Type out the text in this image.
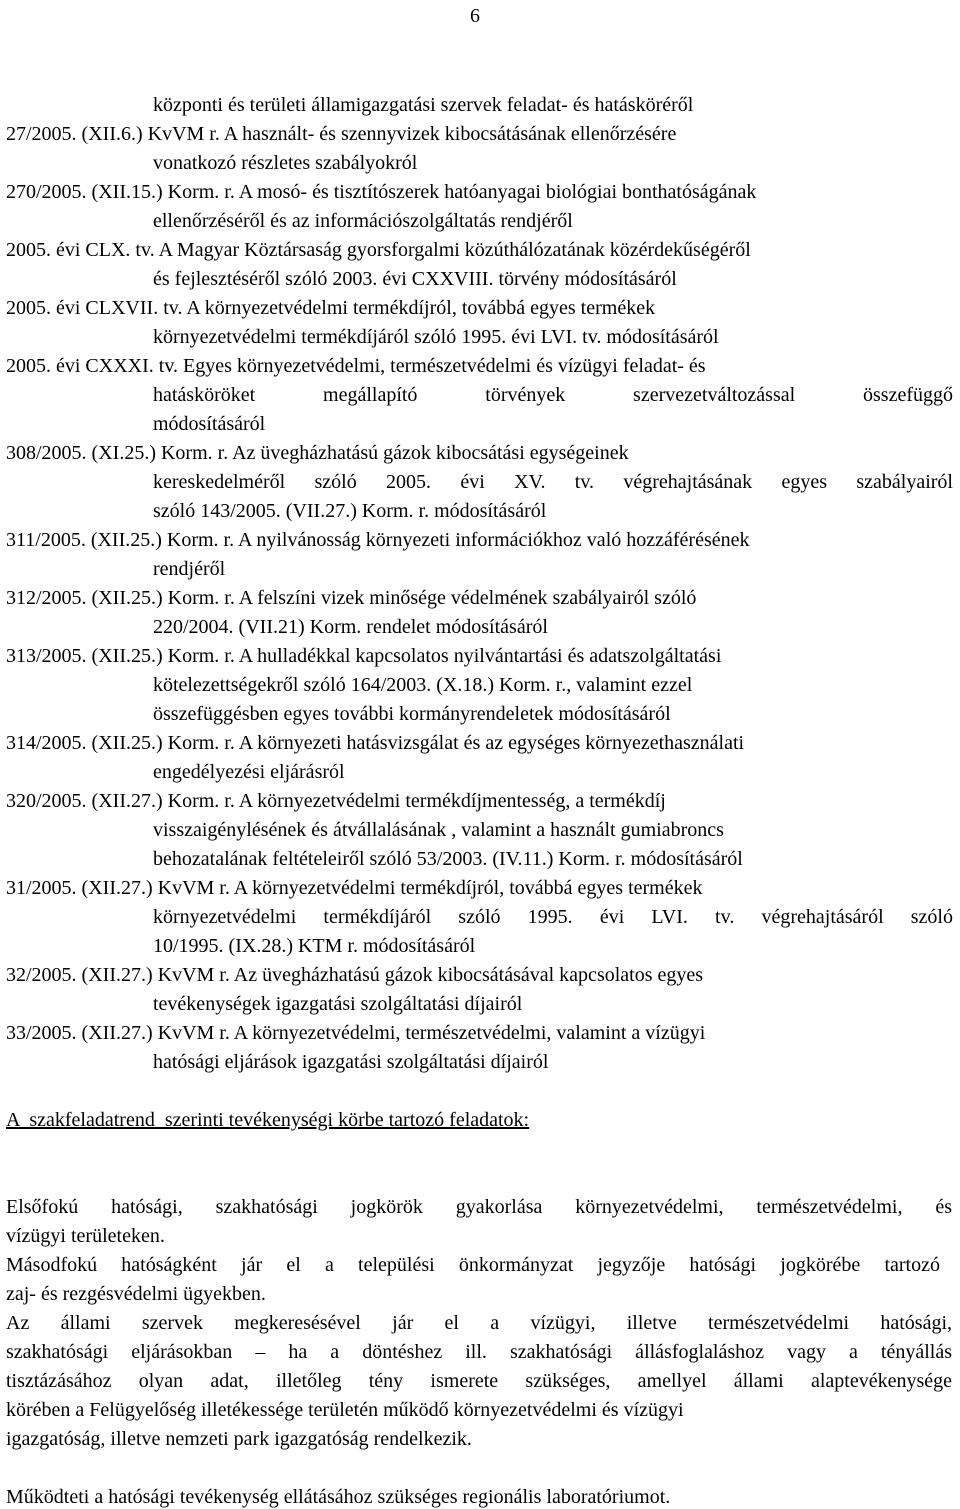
6
központi és területi államigazgatási szervek feladat- és hatásköréről
27/2005. (XII.6.) KvVM r. A használt- és szennyvizek kibocsátásának ellenőrzésére
vonatkozó részletes szabályokról
270/2005. (XII.15.) Korm. r. A mosó- és tisztítószerek hatóanyagai biológiai bonthatóságának
ellenőrzéséről és az információszolgáltatás rendjéről
2005. évi CLX. tv. A Magyar Köztársaság gyorsforgalmi közúthálózatának közérdekűségéről
és fejlesztéséről szóló 2003. évi CXXVIII. törvény módosításáról
2005. évi CLXVII. tv. A környezetvédelmi termékdíjról, továbbá egyes termékek
környezetvédelmi termékdíjáról szóló 1995. évi LVI. tv. módosításáról
2005. évi CXXXI. tv. Egyes környezetvédelmi, természetvédelmi és vízügyi feladat- és
hatásköröket megállapító törvények szervezetváltozással összefüggő
módosításáról
308/2005. (XI.25.) Korm. r. Az üvegházhatású gázok kibocsátási egységeinek
kereskedelméről szóló 2005. évi XV. tv. végrehajtásának egyes szabályairól
szóló 143/2005. (VII.27.) Korm. r. módosításáról
311/2005. (XII.25.) Korm. r. A nyilvánosság környezeti információkhoz való hozzáférésének
rendjéről
312/2005. (XII.25.) Korm. r. A felszíni vizek minősége védelmének szabályairól szóló
220/2004. (VII.21) Korm. rendelet módosításáról
313/2005. (XII.25.) Korm. r. A hulladékkal kapcsolatos nyilvántartási és adatszolgáltatási
kötelezettségekről szóló 164/2003. (X.18.) Korm. r., valamint ezzel
összefüggésben egyes további kormányrendeletek módosításáról
314/2005. (XII.25.) Korm. r. A környezeti hatásvizsgálat és az egységes környezethasználati
engedélyezési eljárásról
320/2005. (XII.27.) Korm. r. A környezetvédelmi termékdíjmentesség, a termékdíj
visszaigénylésének és átvállalásának , valamint a használt gumiabroncs
behozatalának feltételeiről szóló 53/2003. (IV.11.) Korm. r. módosításáról
31/2005. (XII.27.) KvVM r. A környezetvédelmi termékdíjról, továbbá egyes termékek
környezetvédelmi termékdíjáról szóló 1995. évi LVI. tv. végrehajtásáról szóló
10/1995. (IX.28.) KTM r. módosításáról
32/2005. (XII.27.) KvVM r. Az üvegházhatású gázok kibocsátásával kapcsolatos egyes
tevékenységek igazgatási szolgáltatási díjairól
33/2005. (XII.27.) KvVM r. A környezetvédelmi, természetvédelmi, valamint a vízügyi
hatósági eljárások igazgatási szolgáltatási díjairól
A  szakfeladatrend  szerinti tevékenységi körbe tartozó feladatok:
Elsőfokú hatósági, szakhatósági jogkörök gyakorlása környezetvédelmi, természetvédelmi, és
vízügyi területeken.
Másodfokú hatóságként jár el a települési önkormányzat jegyzője hatósági jogkörébe tartozó
zaj- és rezgésvédelmi ügyekben.
Az állami szervek megkeresésével jár el a vízügyi, illetve természetvédelmi hatósági,
szakhatósági eljárásokban – ha a döntéshez ill. szakhatósági állásfoglaláshoz vagy a tényállás
tisztázásához olyan adat, illetőleg tény ismerete szükséges, amellyel állami alaptevékenysége
körében a Felügyelőség illetékessége területén működő környezetvédelmi és vízügyi
igazgatóság, illetve nemzeti park igazgatóság rendelkezik.
Működteti a hatósági tevékenység ellátásához szükséges regionális laboratóriumot.
